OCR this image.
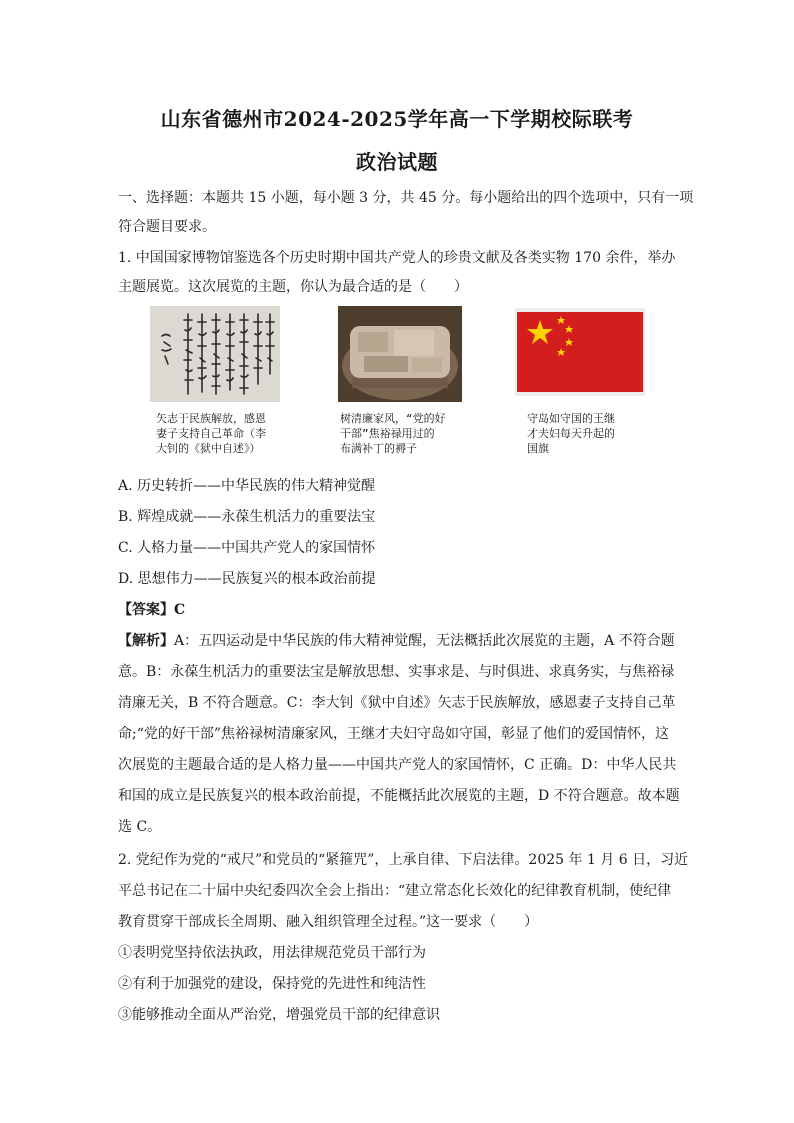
山东省德州市2024-2025学年高一下学期校际联考
政治试题
一、选择题：本题共 15 小题，每小题 3 分，共 45 分。每小题给出的四个选项中，只有一项
符合题目要求。
1. 中国国家博物馆鉴选各个历史时期中国共产党人的珍贵文献及各类实物 170 余件，举办
主题展览。这次展览的主题，你认为最合适的是（　　）
矢志于民族解放，感恩
妻子支持自己革命（李
大钊的《狱中自述》）
树清廉家风，“党的好
干部”焦裕禄用过的
布满补丁的褥子
守岛如守国的王继
才夫妇每天升起的
国旗
A. 历史转折——中华民族的伟大精神觉醒
B. 辉煌成就——永葆生机活力的重要法宝
C. 人格力量——中国共产党人的家国情怀
D. 思想伟力——民族复兴的根本政治前提
【答案】C
【解析】A：五四运动是中华民族的伟大精神觉醒，无法概括此次展览的主题，A 不符合题
意。B：永葆生机活力的重要法宝是解放思想、实事求是、与时俱进、求真务实，与焦裕禄
清廉无关，B 不符合题意。C：李大钊《狱中自述》矢志于民族解放，感恩妻子支持自己革
命;“党的好干部”焦裕禄树清廉家风，王继才夫妇守岛如守国，彰显了他们的爱国情怀，这
次展览的主题最合适的是人格力量——中国共产党人的家国情怀，C 正确。D：中华人民共
和国的成立是民族复兴的根本政治前提，不能概括此次展览的主题，D 不符合题意。故本题
选 C。
2. 党纪作为党的“戒尺”和党员的“紧箍咒”，上承自律、下启法律。2025 年 1 月 6 日，习近
平总书记在二十届中央纪委四次全会上指出：“建立常态化长效化的纪律教育机制，使纪律
教育贯穿干部成长全周期、融入组织管理全过程。”这一要求（　　）
①表明党坚持依法执政，用法律规范党员干部行为
②有利于加强党的建设，保持党的先进性和纯洁性
③能够推动全面从严治党，增强党员干部的纪律意识
